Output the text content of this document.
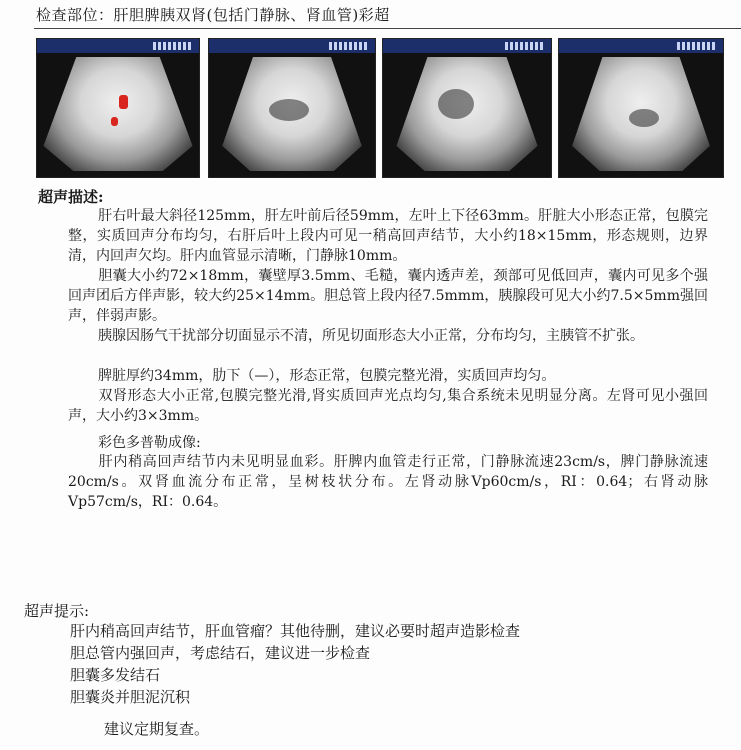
检查部位：肝胆脾胰双肾(包括门静脉、肾血管)彩超
超声描述:
肝右叶最大斜径125mm，肝左叶前后径59mm，左叶上下径63mm。肝脏大小形态正常，包膜完整，实质回声分布均匀，右肝后叶上段内可见一稍高回声结节，大小约18×15mm，形态规则，边界清，内回声欠均。肝内血管显示清晰，门静脉10mm。
胆囊大小约72×18mm，囊壁厚3.5mm、毛糙，囊内透声差，颈部可见低回声，囊内可见多个强回声团后方伴声影，较大约25×14mm。胆总管上段内径7.5mmm，胰腺段可见大小约7.5×5mm强回声，伴弱声影。
胰腺因肠气干扰部分切面显示不清，所见切面形态大小正常，分布均匀，主胰管不扩张。
脾脏厚约34mm，肋下（—），形态正常，包膜完整光滑，实质回声均匀。
双肾形态大小正常,包膜完整光滑,肾实质回声光点均匀,集合系统未见明显分离。左肾可见小强回声，大小约3×3mm。
彩色多普勒成像:
肝内稍高回声结节内未见明显血彩。肝脾内血管走行正常，门静脉流速23cm/s，脾门静脉流速20cm/s。双肾血流分布正常，呈树枝状分布。左肾动脉Vp60cm/s，RI：0.64；右肾动脉Vp57cm/s，RI：0.64。
超声提示:
肝内稍高回声结节，肝血管瘤？其他待删，建议必要时超声造影检查
胆总管内强回声，考虑结石，建议进一步检查
胆囊多发结石
胆囊炎并胆泥沉积
建议定期复查。
